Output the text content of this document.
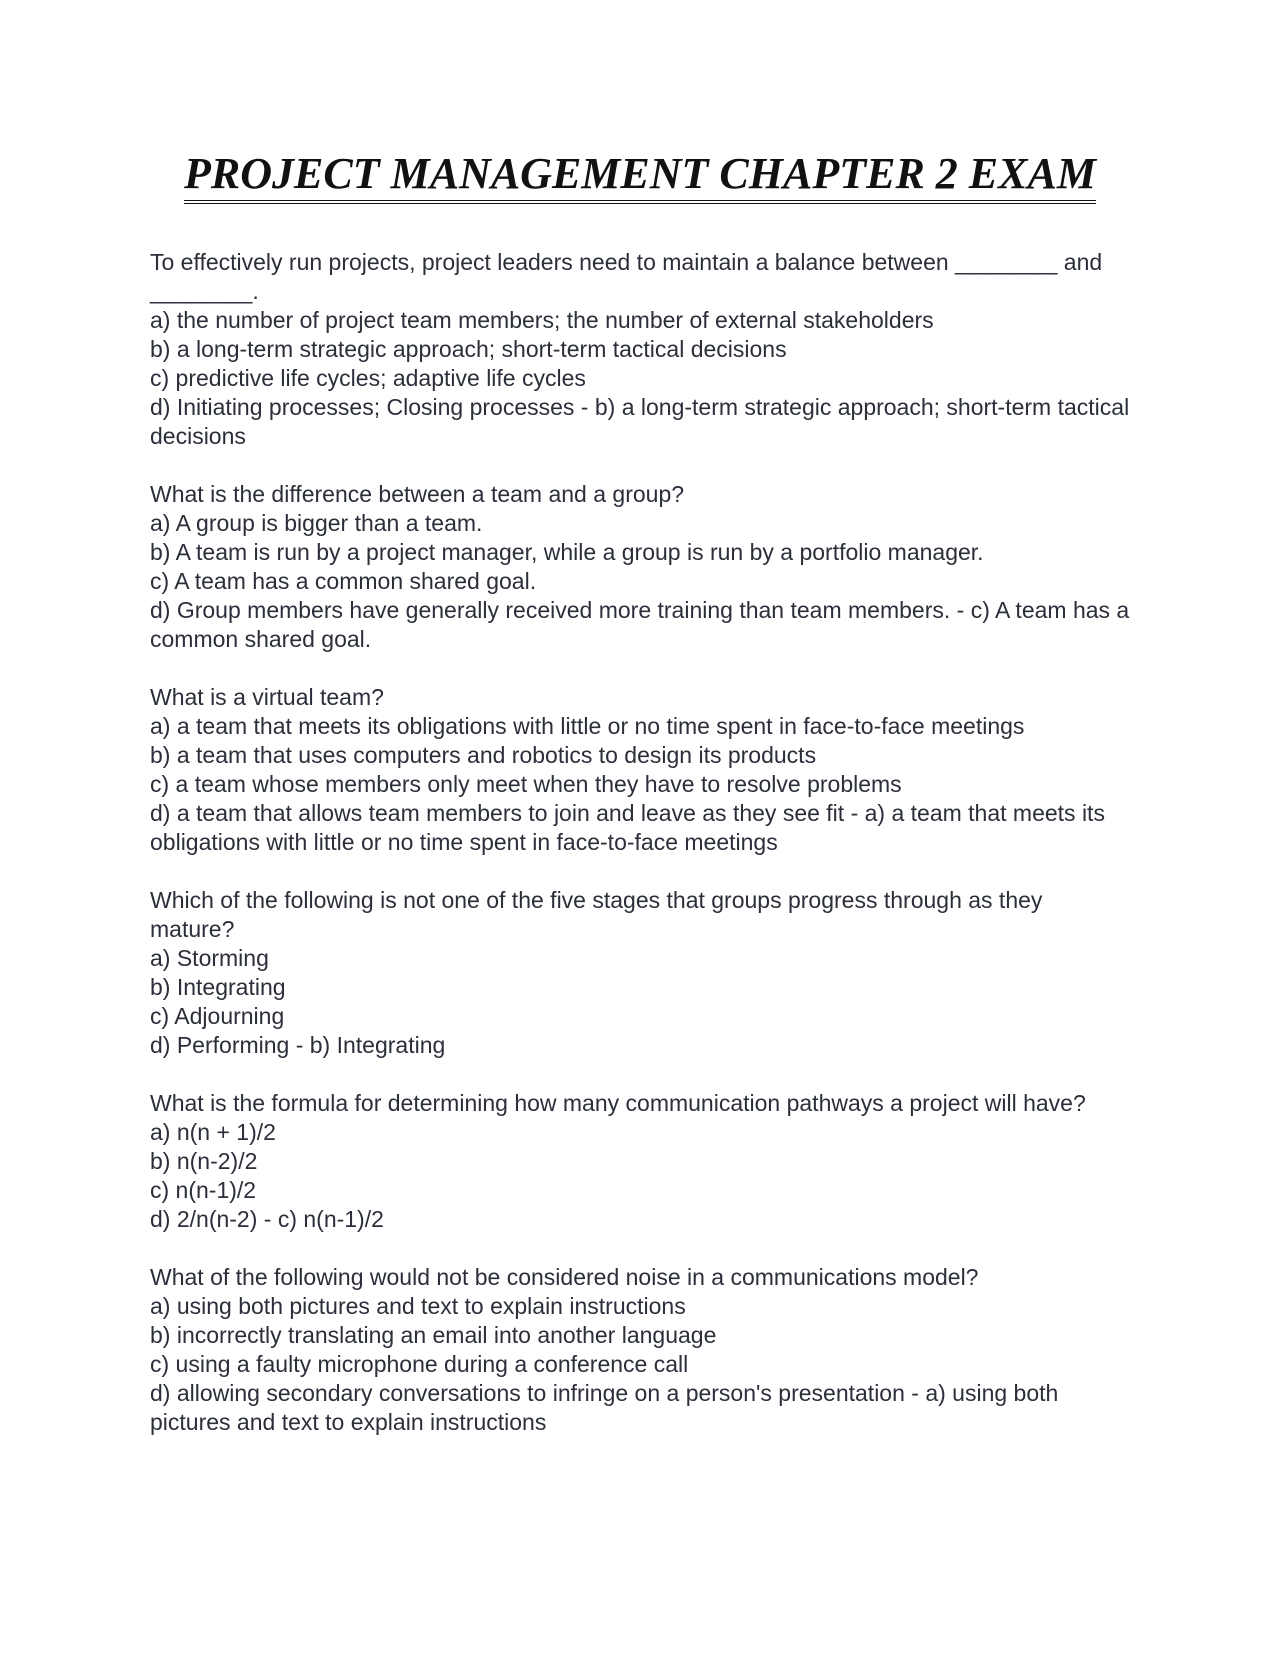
PROJECT MANAGEMENT CHAPTER 2 EXAM

To effectively run projects, project leaders need to maintain a balance between ________ and ________.

a) the number of project team members; the number of external stakeholders

b) a long-term strategic approach; short-term tactical decisions

c) predictive life cycles; adaptive life cycles

d) Initiating processes; Closing processes - b) a long-term strategic approach; short-term tactical decisions

What is the difference between a team and a group?

a) A group is bigger than a team.

b) A team is run by a project manager, while a group is run by a portfolio manager.

c) A team has a common shared goal.

d) Group members have generally received more training than team members. - c) A team has a common shared goal.

What is a virtual team?

a) a team that meets its obligations with little or no time spent in face-to-face meetings

b) a team that uses computers and robotics to design its products

c) a team whose members only meet when they have to resolve problems

d) a team that allows team members to join and leave as they see fit - a) a team that meets its obligations with little or no time spent in face-to-face meetings

Which of the following is not one of the five stages that groups progress through as they mature?

a) Storming

b) Integrating

c) Adjourning

d) Performing - b) Integrating

What is the formula for determining how many communication pathways a project will have?

a) n(n + 1)/2

b) n(n-2)/2

c) n(n-1)/2

d) 2/n(n-2) - c) n(n-1)/2

What of the following would not be considered noise in a communications model?

a) using both pictures and text to explain instructions

b) incorrectly translating an email into another language

c) using a faulty microphone during a conference call

d) allowing secondary conversations to infringe on a person's presentation - a) using both pictures and text to explain instructions
